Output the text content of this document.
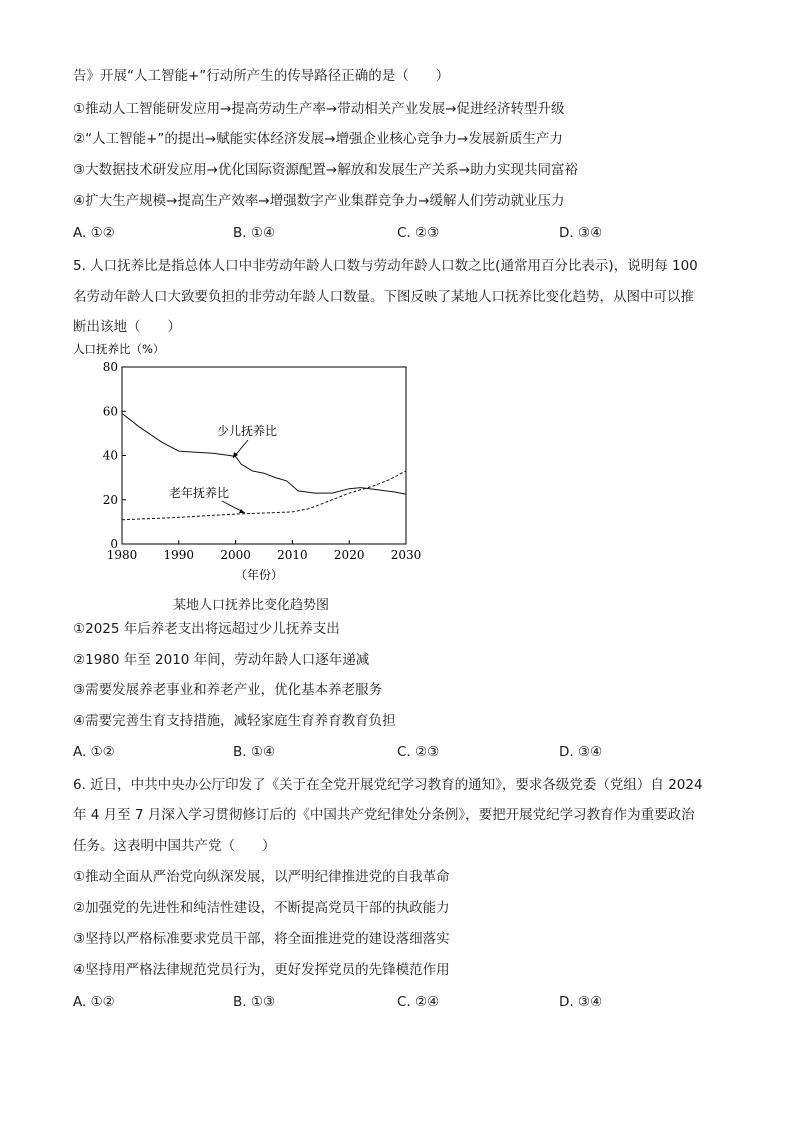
告》开展“人工智能+”行动所产生的传导路径正确的是（　　）
①推动人工智能研发应用→提高劳动生产率→带动相关产业发展→促进经济转型升级
②“人工智能+”的提出→赋能实体经济发展→增强企业核心竞争力→发展新质生产力
③大数据技术研发应用→优化国际资源配置→解放和发展生产关系→助力实现共同富裕
④扩大生产规模→提高生产效率→增强数字产业集群竞争力→缓解人们劳动就业压力
A. ①②	B. ①④	C. ②③	D. ③④
5. 人口抚养比是指总体人口中非劳动年龄人口数与劳动年龄人口数之比(通常用百分比表示)，说明每 100
名劳动年龄人口大致要负担的非劳动年龄人口数量。下图反映了某地人口抚养比变化趋势，从图中可以推
断出该地（　　）
人口抚养比（%）
1980 1990 2000 2010 2020 2030
0
20
40
60
80
少儿抚养比
老年抚养比
（年份）
某地人口抚养比变化趋势图
①2025 年后养老支出将远超过少儿抚养支出
②1980 年至 2010 年间，劳动年龄人口逐年递减
③需要发展养老事业和养老产业，优化基本养老服务
④需要完善生育支持措施，减轻家庭生育养育教育负担
A. ①②	B. ①④	C. ②③	D. ③④
6. 近日，中共中央办公厅印发了《关于在全党开展党纪学习教育的通知》，要求各级党委（党组）自 2024
年 4 月至 7 月深入学习贯彻修订后的《中国共产党纪律处分条例》，要把开展党纪学习教育作为重要政治
任务。这表明中国共产党（　　）
①推动全面从严治党向纵深发展，以严明纪律推进党的自我革命
②加强党的先进性和纯洁性建设，不断提高党员干部的执政能力
③坚持以严格标准要求党员干部，将全面推进党的建设落细落实
④坚持用严格法律规范党员行为，更好发挥党员的先锋模范作用
A. ①②	B. ①③	C. ②④	D. ③④
